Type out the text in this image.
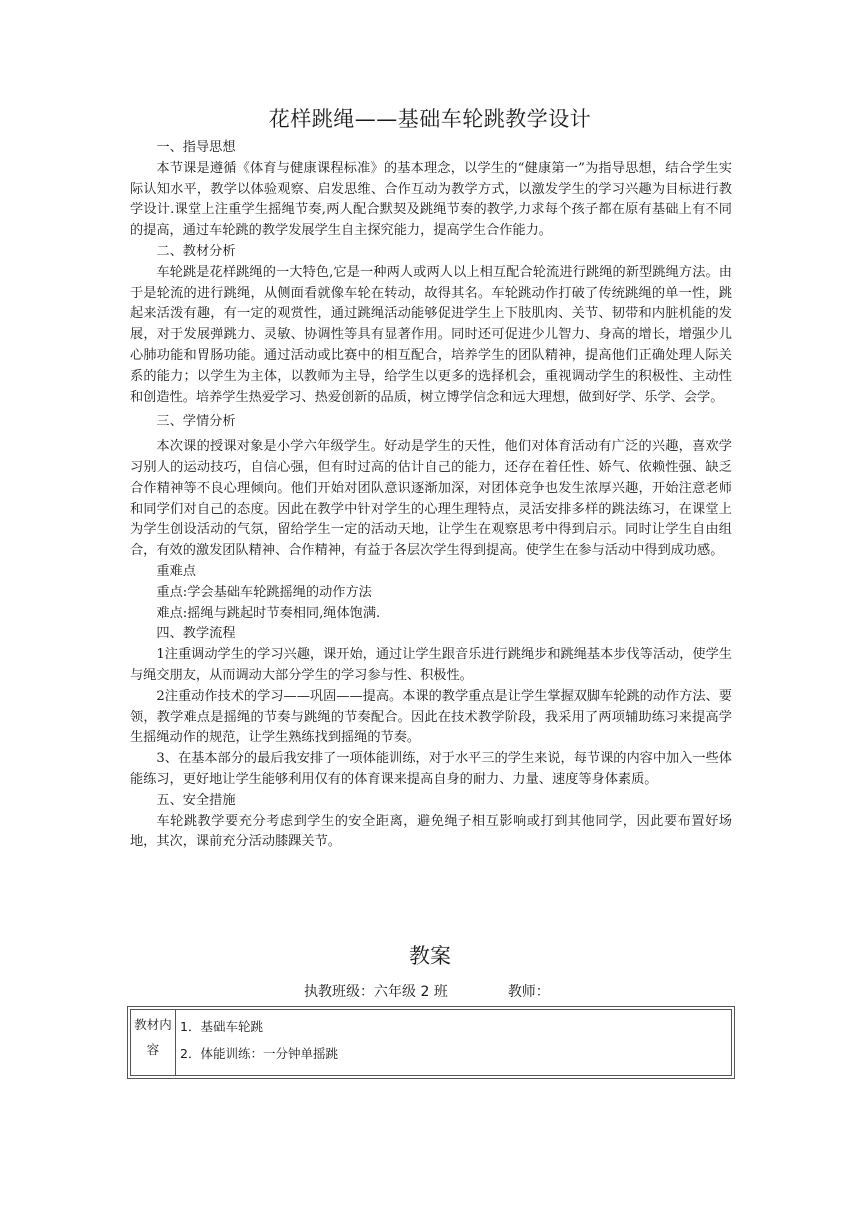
花样跳绳——基础车轮跳教学设计

一、指导思想

本节课是遵循《体育与健康课程标准》的基本理念，以学生的“健康第一”为指导思想，结合学生实际认知水平，教学以体验观察、启发思维、合作互动为教学方式，以激发学生的学习兴趣为目标进行教学设计.课堂上注重学生摇绳节奏,两人配合默契及跳绳节奏的教学,力求每个孩子都在原有基础上有不同的提高，通过车轮跳的教学发展学生自主探究能力，提高学生合作能力。

二、教材分析

车轮跳是花样跳绳的一大特色,它是一种两人或两人以上相互配合轮流进行跳绳的新型跳绳方法。由于是轮流的进行跳绳，从侧面看就像车轮在转动，故得其名。车轮跳动作打破了传统跳绳的单一性，跳起来活泼有趣，有一定的观赏性，通过跳绳活动能够促进学生上下肢肌肉、关节、韧带和内脏机能的发展，对于发展弹跳力、灵敏、协调性等具有显著作用。同时还可促进少儿智力、身高的增长，增强少儿心肺功能和胃肠功能。通过活动或比赛中的相互配合，培养学生的团队精神，提高他们正确处理人际关系的能力；以学生为主体，以教师为主导，给学生以更多的选择机会，重视调动学生的积极性、主动性和创造性。培养学生热爱学习、热爱创新的品质，树立博学信念和远大理想，做到好学、乐学、会学。

三、学情分析

本次课的授课对象是小学六年级学生。好动是学生的天性，他们对体育活动有广泛的兴趣，喜欢学习别人的运动技巧，自信心强，但有时过高的估计自己的能力，还存在着任性、娇气、依赖性强、缺乏合作精神等不良心理倾向。他们开始对团队意识逐渐加深，对团体竞争也发生浓厚兴趣，开始注意老师和同学们对自己的态度。因此在教学中针对学生的心理生理特点，灵活安排多样的跳法练习，在课堂上为学生创设活动的气氛，留给学生一定的活动天地，让学生在观察思考中得到启示。同时让学生自由组合，有效的激发团队精神、合作精神，有益于各层次学生得到提高。使学生在参与活动中得到成功感。

重难点

重点:学会基础车轮跳摇绳的动作方法

难点:摇绳与跳起时节奏相同,绳体饱满.

四、教学流程

1注重调动学生的学习兴趣，课开始，通过让学生跟音乐进行跳绳步和跳绳基本步伐等活动，使学生与绳交朋友，从而调动大部分学生的学习参与性、积极性。

2注重动作技术的学习——巩固——提高。本课的教学重点是让学生掌握双脚车轮跳的动作方法、要领，教学难点是摇绳的节奏与跳绳的节奏配合。因此在技术教学阶段，我采用了两项辅助练习来提高学生摇绳动作的规范，让学生熟练找到摇绳的节奏。

3、在基本部分的最后我安排了一项体能训练，对于水平三的学生来说，每节课的内容中加入一些体能练习，更好地让学生能够利用仅有的体育课来提高自身的耐力、力量、速度等身体素质。

五、安全措施

车轮跳教学要充分考虑到学生的安全距离，避免绳子相互影响或打到其他同学，因此要布置好场地，其次，课前充分活动膝踝关节。

教案
执教班级：六年级 2 班	教师：
教材内容	
1．基础车轮跳
2．体能训练：一分钟单摇跳
